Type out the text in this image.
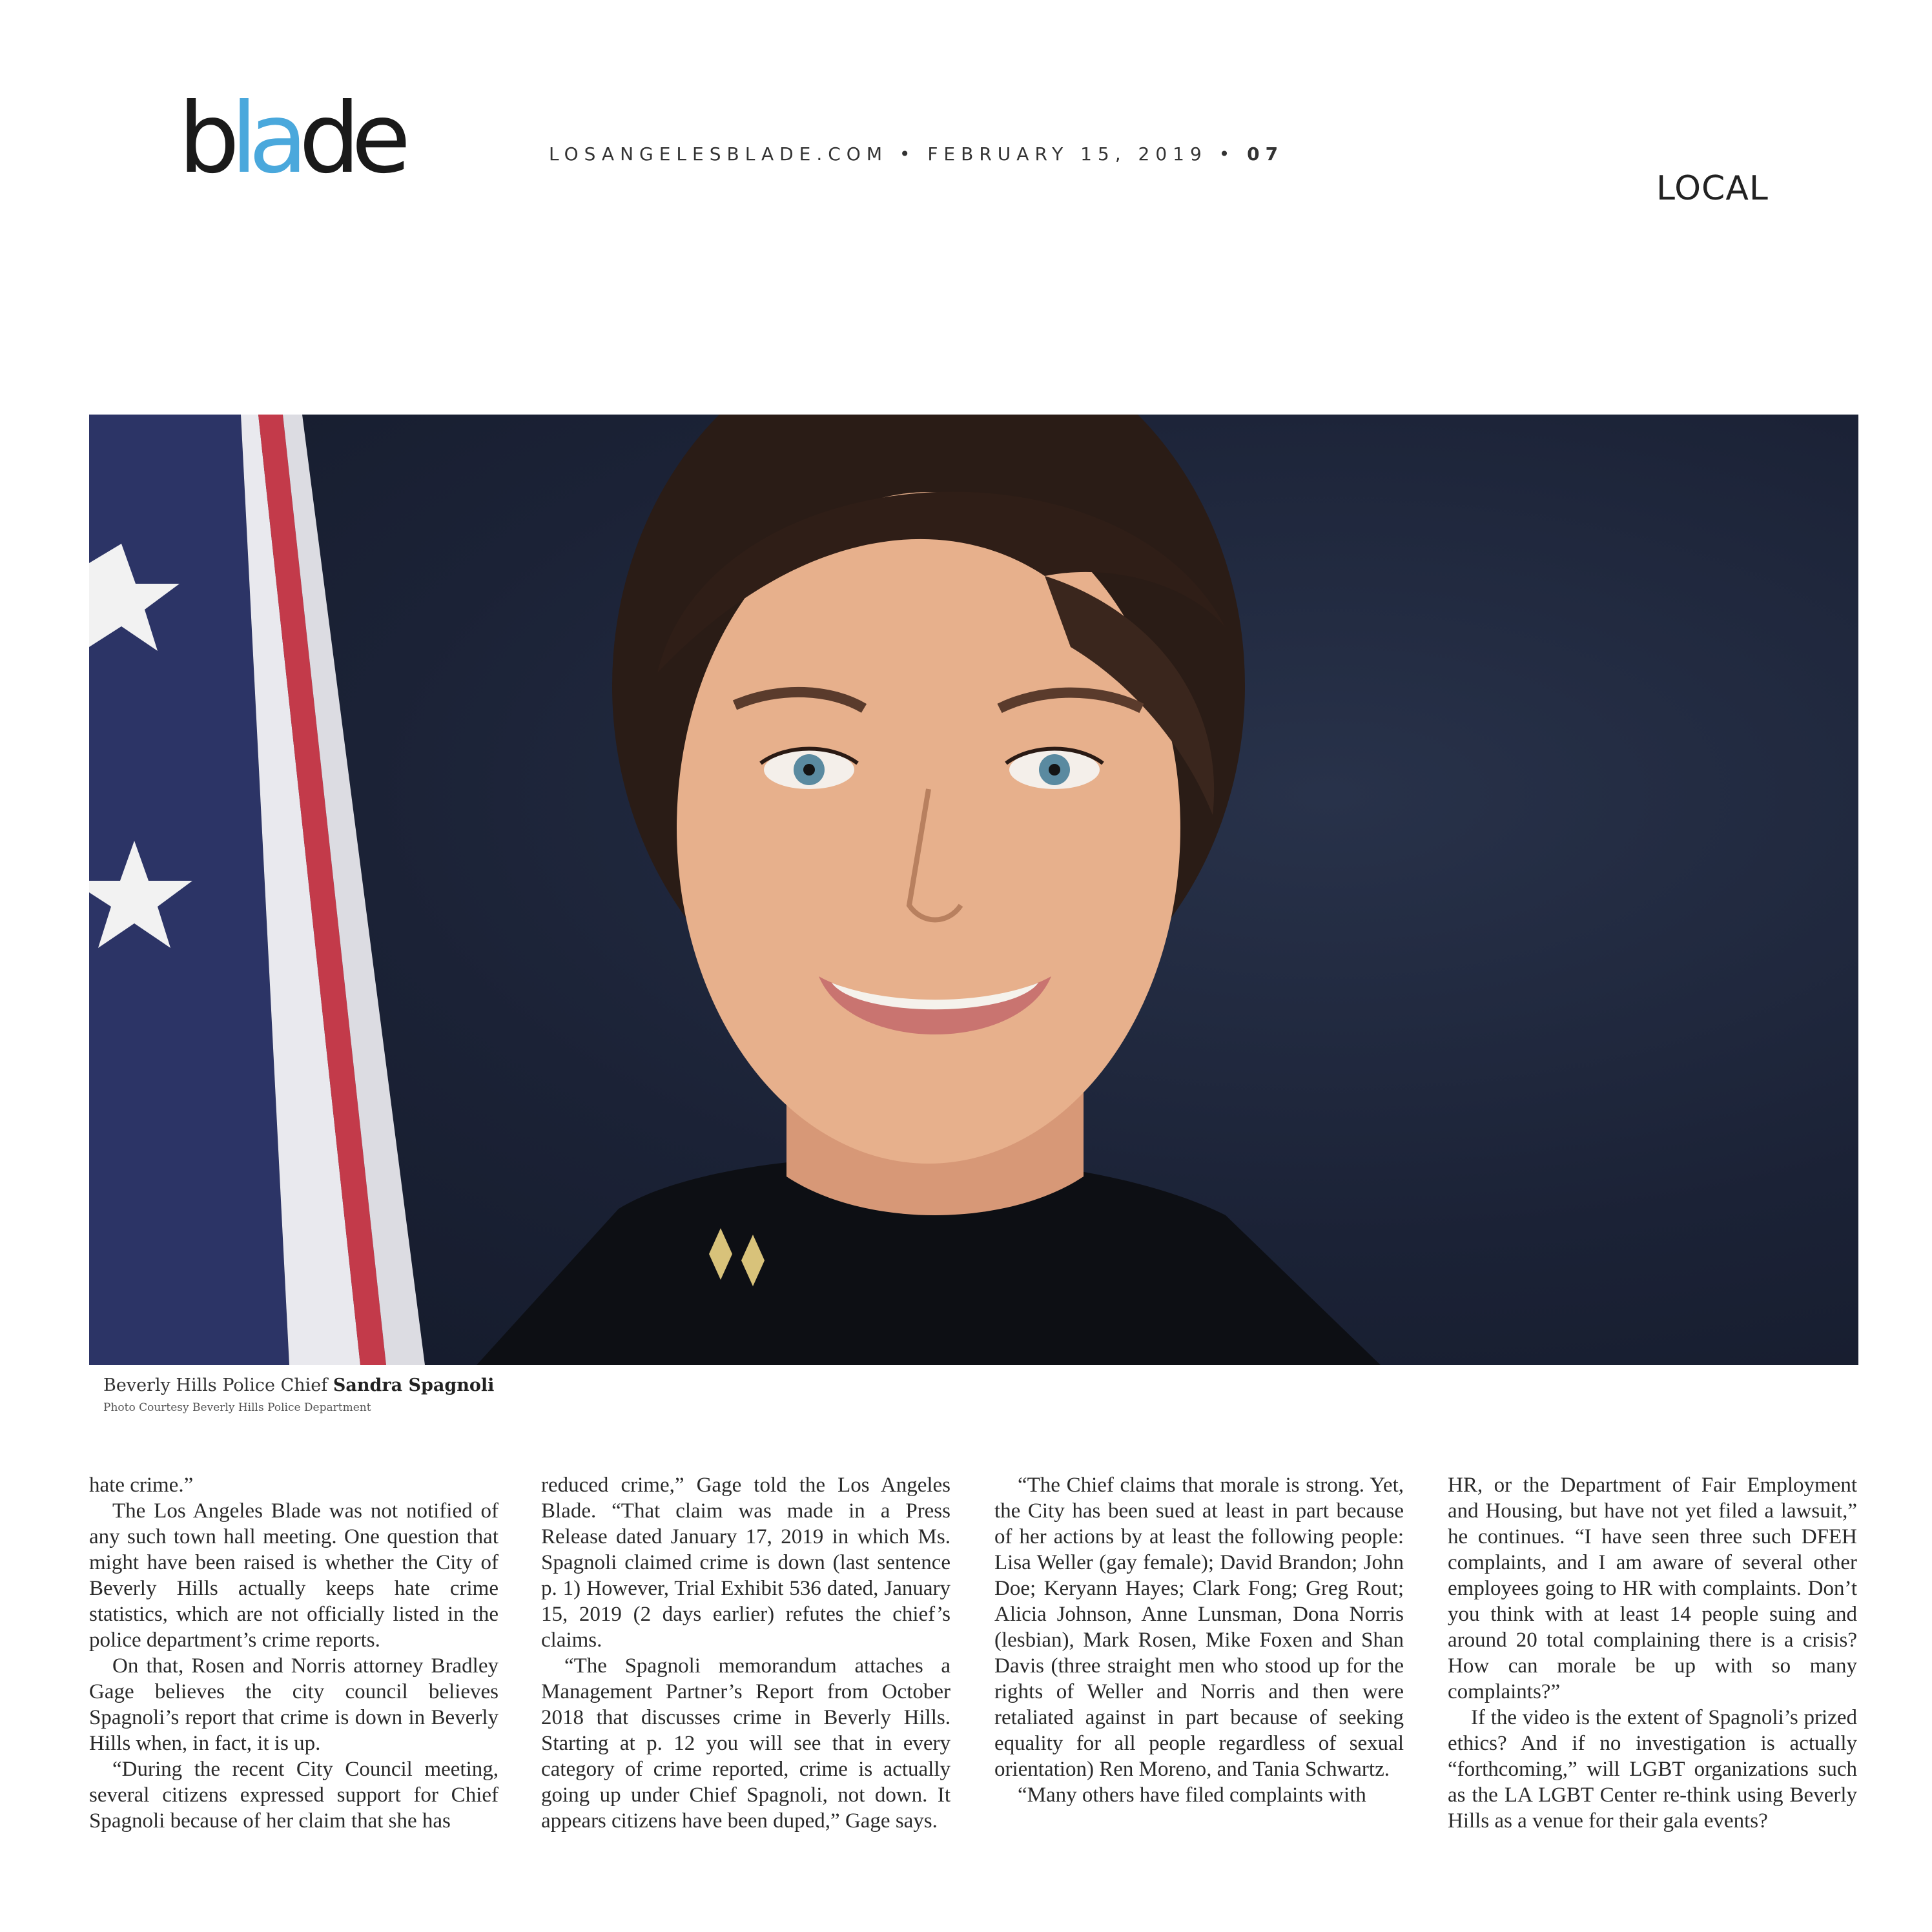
blade	LOSANGELESBLADE.COM • FEBRUARY 15, 2019 • 07
LOCAL
Beverly Hills Police Chief Sandra Spagnoli
Photo Courtesy Beverly Hills Police Department

hate crime.”

The Los Angeles Blade was not notified of any such town hall meeting. One question that might have been raised is whether the City of Beverly Hills actually keeps hate crime statistics, which are not officially listed in the police department’s crime reports.

On that, Rosen and Norris attorney Bradley Gage believes the city council believes Spagnoli’s report that crime is down in Beverly Hills when, in fact, it is up.

“During the recent City Council meeting, several citizens expressed support for Chief Spagnoli because of her claim that she has

reduced crime,” Gage told the Los Angeles Blade. “That claim was made in a Press Release dated January 17, 2019 in which Ms. Spagnoli claimed crime is down (last sentence p. 1) However, Trial Exhibit 536 dated, January 15, 2019 (2 days earlier) refutes the chief’s claims.

“The Spagnoli memorandum attaches a Management Partner’s Report from October 2018 that discusses crime in Beverly Hills. Starting at p. 12 you will see that in every category of crime reported, crime is actually going up under Chief Spagnoli, not down. It appears citizens have been duped,” Gage says.

“The Chief claims that morale is strong. Yet, the City has been sued at least in part because of her actions by at least the following people: Lisa Weller (gay female); David Brandon; John Doe; Keryann Hayes; Clark Fong; Greg Rout; Alicia Johnson, Anne Lunsman, Dona Norris (lesbian), Mark Rosen, Mike Foxen and Shan Davis (three straight men who stood up for the rights of Weller and Norris and then were retaliated against in part because of seeking equality for all people regardless of sexual orientation) Ren Moreno, and Tania Schwartz.

“Many others have filed complaints with

HR, or the Department of Fair Employment and Housing, but have not yet filed a lawsuit,” he continues. “I have seen three such DFEH complaints, and I am aware of several other employees going to HR with complaints. Don’t you think with at least 14 people suing and around 20 total complaining there is a crisis? How can morale be up with so many complaints?”

If the video is the extent of Spagnoli’s prized ethics? And if no investigation is actually “forthcoming,” will LGBT organizations such as the LA LGBT Center re-think using Beverly Hills as a venue for their gala events?
